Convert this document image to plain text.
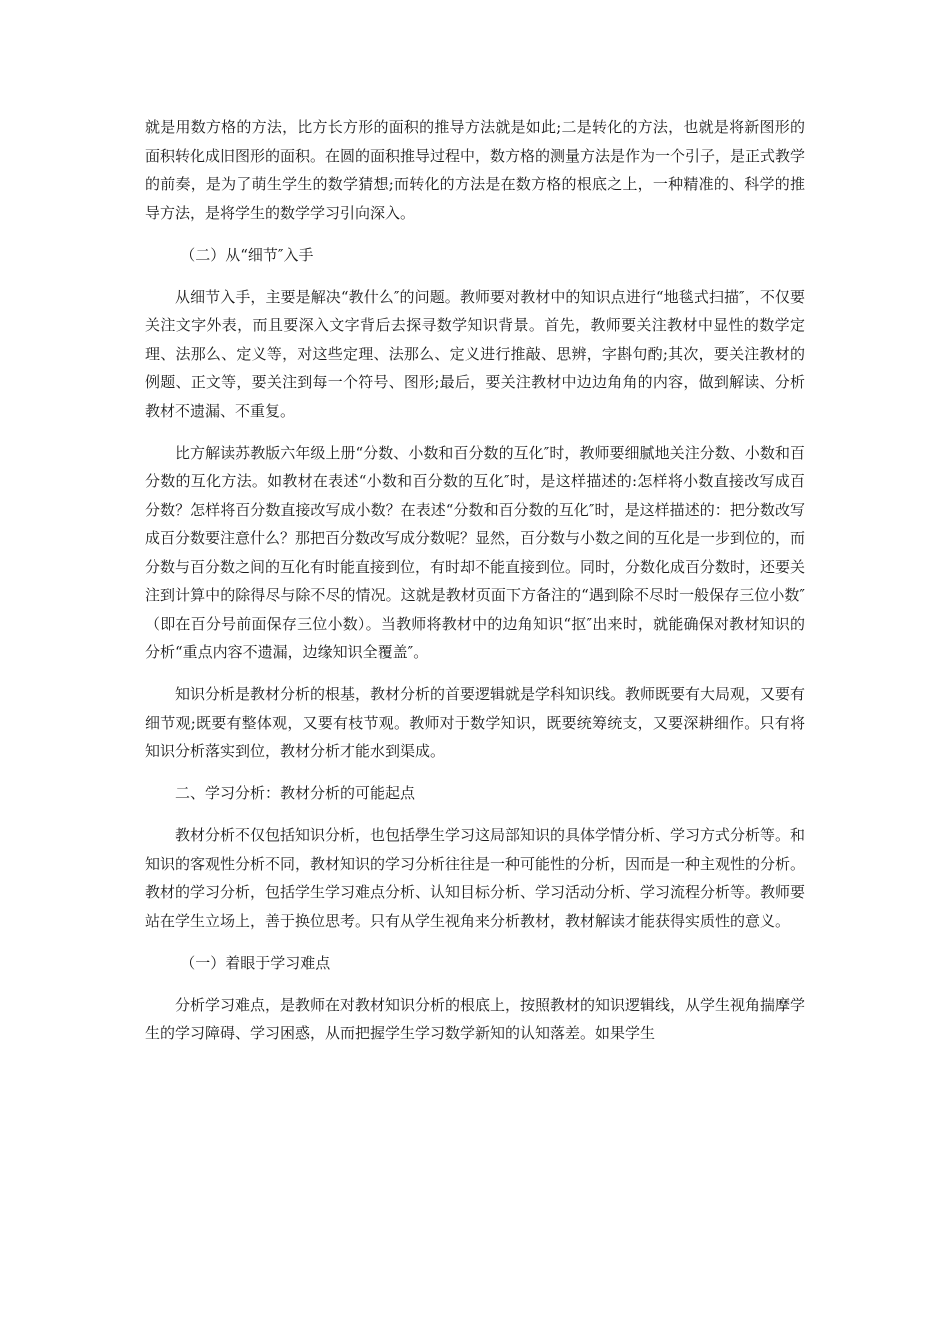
就是用数方格的方法，比方长方形的面积的推导方法就是如此;二是转化的方法，也就是将新图形的面积转化成旧图形的面积。在圆的面积推导过程中，数方格的测量方法是作为一个引子，是正式教学的前奏，是为了萌生学生的数学猜想;而转化的方法是在数方格的根底之上，一种精准的、科学的推导方法，是将学生的数学学习引向深入。

（二）从“细节″入手

从细节入手，主要是解决“教什么″的问题。教师要对教材中的知识点进行“地毯式扫描″，不仅要关注文字外表，而且要深入文字背后去探寻数学知识背景。首先，教师要关注教材中显性的数学定理、法那么、定义等，对这些定理、法那么、定义进行推敲、思辨，字斟句酌;其次，要关注教材的例题、正文等，要关注到每一个符号、图形;最后，要关注教材中边边角角的内容，做到解读、分析教材不遗漏、不重复。

比方解读苏教版六年级上册“分数、小数和百分数的互化″时，教师要细腻地关注分数、小数和百分数的互化方法。如教材在表述“小数和百分数的互化″时，是这样描述的:怎样将小数直接改写成百分数？怎样将百分数直接改写成小数？在表述“分数和百分数的互化″时，是这样描述的：把分数改写成百分数要注意什么？那把百分数改写成分数呢？显然，百分数与小数之间的互化是一步到位的，而分数与百分数之间的互化有时能直接到位，有时却不能直接到位。同时，分数化成百分数时，还要关注到计算中的除得尽与除不尽的情况。这就是教材页面下方备注的“遇到除不尽时一般保存三位小数″（即在百分号前面保存三位小数）。当教师将教材中的边角知识“抠″出来时，就能确保对教材知识的分析“重点内容不遗漏，边缘知识全覆盖″。

知识分析是教材分析的根基，教材分析的首要逻辑就是学科知识线。教师既要有大局观，又要有细节观;既要有整体观，又要有枝节观。教师对于数学知识，既要统筹统支，又要深耕细作。只有将知识分析落实到位，教材分析才能水到渠成。

二、学习分析：教材分析的可能起点

教材分析不仅包括知识分析，也包括學生学习这局部知识的具体学情分析、学习方式分析等。和知识的客观性分析不同，教材知识的学习分析往往是一种可能性的分析，因而是一种主观性的分析。教材的学习分析，包括学生学习难点分析、认知目标分析、学习活动分析、学习流程分析等。教师要站在学生立场上，善于换位思考。只有从学生视角来分析教材，教材解读才能获得实质性的意义。

（一）着眼于学习难点

分析学习难点，是教师在对教材知识分析的根底上，按照教材的知识逻辑线，从学生视角揣摩学生的学习障碍、学习困惑，从而把握学生学习数学新知的认知落差。如果学生
